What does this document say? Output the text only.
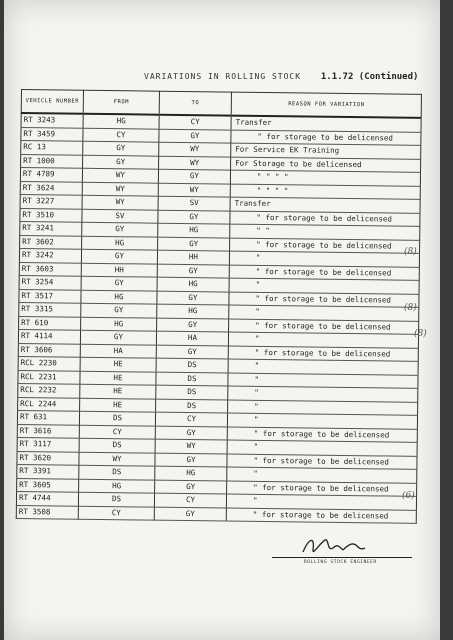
VARIATIONS IN ROLLING STOCK 1.1.72 (Continued)
VEHICLE NUMBER	FROM	TO	REASON FOR VARIATION
RT 3243	HG	CY	Transfer
RT 3459	CY	GY	" for storage to be delicensed
RC 13	GY	WY	For Service EK Training
RT 1000	GY	WY	For Storage to be delicensed
RT 4789	WY	GY	" " " "
RT 3624	WY	WY	" " " "
RT 3227	WY	SV	Transfer
RT 3510	SV	GY	" for storage to be delicensed
RT 3241	GY	HG	" "
RT 3602	HG	GY	" for storage to be delicensed
RT 3242	GY	HH	"
RT 3603	HH	GY	" for storage to be delicensed
RT 3254	GY	HG	"
RT 3517	HG	GY	" for storage to be delicensed
RT 3315	GY	HG	"
RT 610	HG	GY	" for storage to be delicensed
RT 4114	GY	HA	"
RT 3606	HA	GY	" for storage to be delicensed
RCL 2230	HE	DS	"
RCL 2231	HE	DS	"
RCL 2232	HE	DS	"
RCL 2244	HE	DS	"
RT 631	DS	CY	"
RT 3616	CY	GY	" for storage to be delicensed
RT 3117	DS	WY	"
RT 3620	WY	GY	" for storage to be delicensed
RT 3391	DS	HG	"
RT 3605	HG	GY	" for storage to be delicensed
RT 4744	DS	CY	"
RT 3508	CY	GY	" for storage to be delicensed
(8)
(8)
(8)
(6)
ROLLING STOCK ENGINEER
